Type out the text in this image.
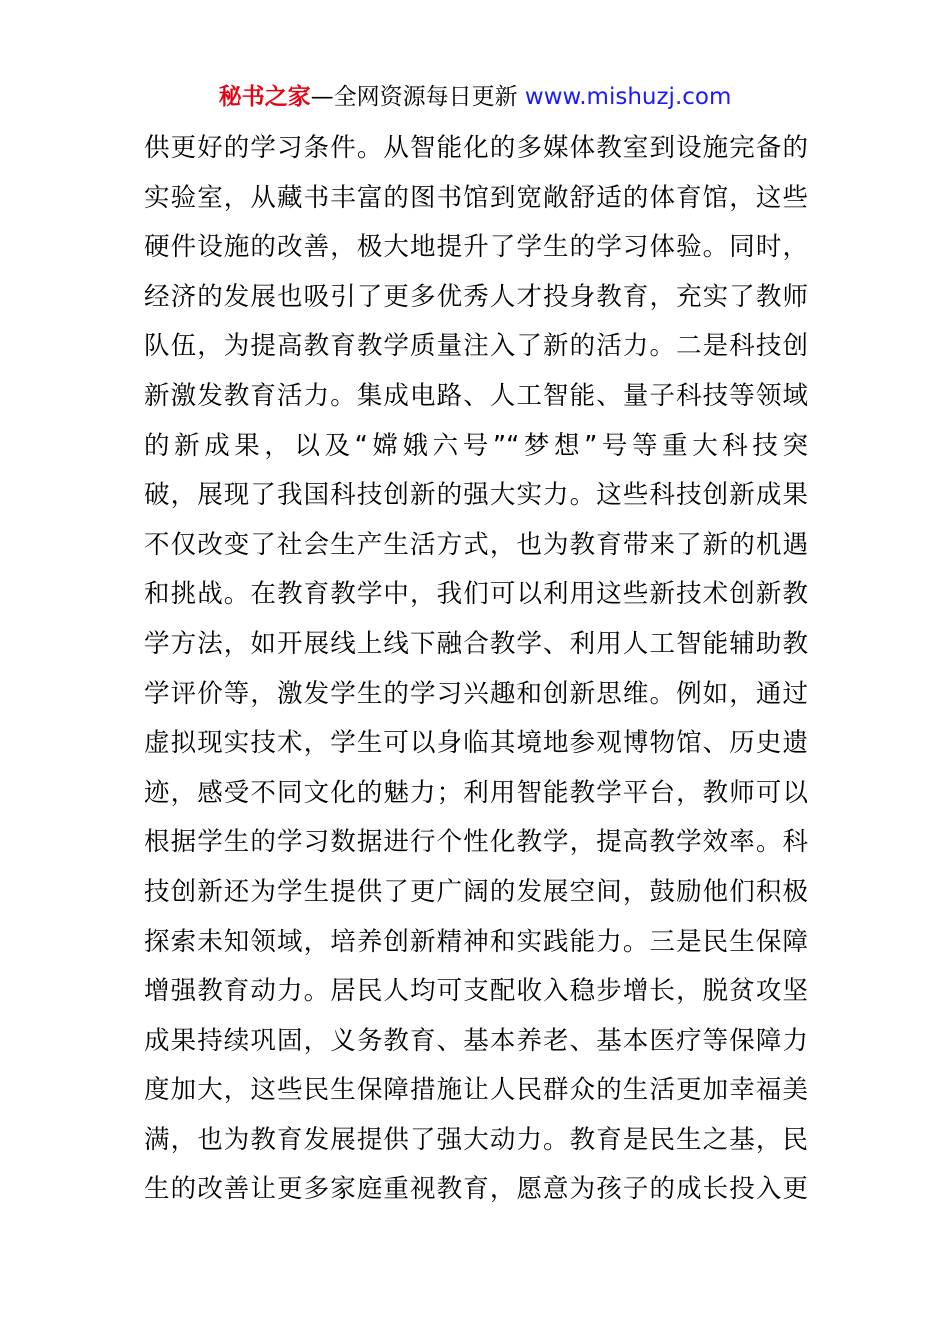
秘书之家—全网资源每日更新 www.mishuzj.com
供更好的学习条件。从智能化的多媒体教室到设施完备的
实验室，从藏书丰富的图书馆到宽敞舒适的体育馆，这些
硬件设施的改善，极大地提升了学生的学习体验。同时，
经济的发展也吸引了更多优秀人才投身教育，充实了教师
队伍，为提高教育教学质量注入了新的活力。二是科技创
新激发教育活力。集成电路、人工智能、量子科技等领域
的新成果，以及“嫦娥六号”“梦想”号等重大科技突
破，展现了我国科技创新的强大实力。这些科技创新成果
不仅改变了社会生产生活方式，也为教育带来了新的机遇
和挑战。在教育教学中，我们可以利用这些新技术创新教
学方法，如开展线上线下融合教学、利用人工智能辅助教
学评价等，激发学生的学习兴趣和创新思维。例如，通过
虚拟现实技术，学生可以身临其境地参观博物馆、历史遗
迹，感受不同文化的魅力；利用智能教学平台，教师可以
根据学生的学习数据进行个性化教学，提高教学效率。科
技创新还为学生提供了更广阔的发展空间，鼓励他们积极
探索未知领域，培养创新精神和实践能力。三是民生保障
增强教育动力。居民人均可支配收入稳步增长，脱贫攻坚
成果持续巩固，义务教育、基本养老、基本医疗等保障力
度加大，这些民生保障措施让人民群众的生活更加幸福美
满，也为教育发展提供了强大动力。教育是民生之基，民
生的改善让更多家庭重视教育，愿意为孩子的成长投入更
